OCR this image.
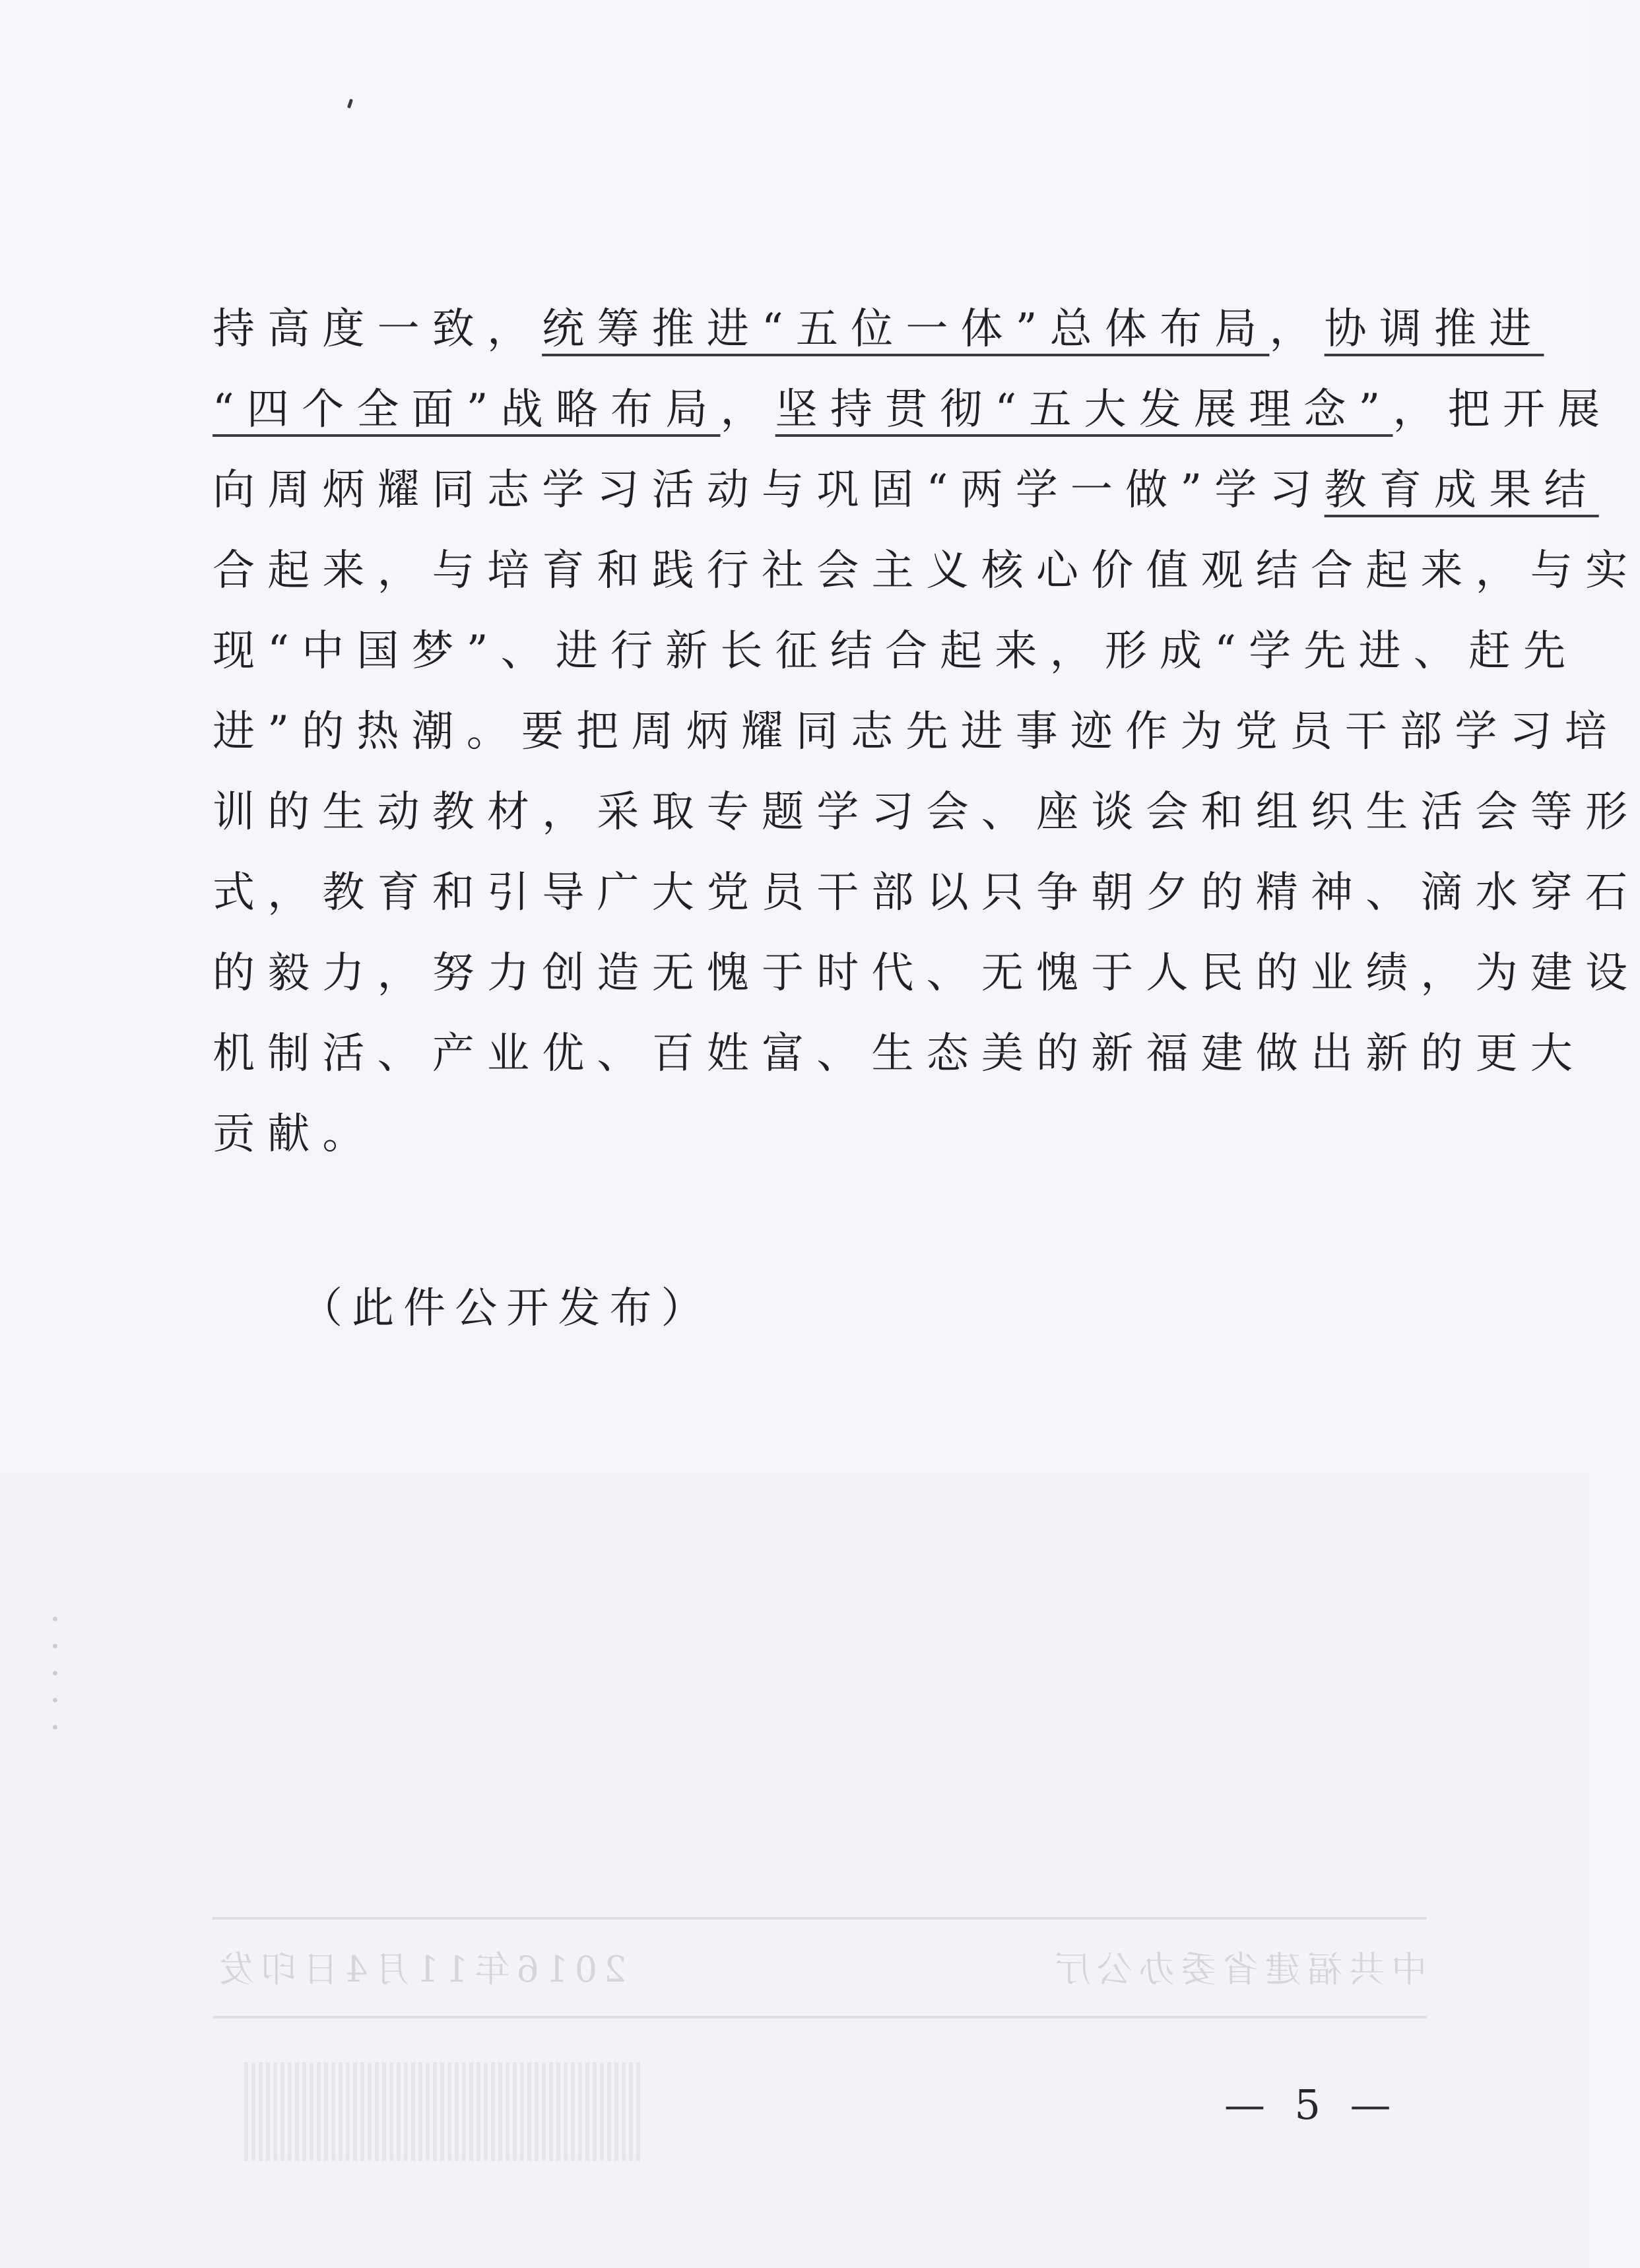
持高度一致，统筹推进“五位一体”总体布局，协调推进
“四个全面”战略布局，坚持贯彻“五大发展理念”，把开展
向周炳耀同志学习活动与巩固“两学一做”学习教育成果结
合起来，与培育和践行社会主义核心价值观结合起来，与实
现“中国梦”、进行新长征结合起来，形成“学先进、赶先
进”的热潮。要把周炳耀同志先进事迹作为党员干部学习培
训的生动教材，采取专题学习会、座谈会和组织生活会等形
式，教育和引导广大党员干部以只争朝夕的精神、滴水穿石
的毅力，努力创造无愧于时代、无愧于人民的业绩，为建设
机制活、产业优、百姓富、生态美的新福建做出新的更大
贡献。
（此件公开发布）
中共福建省委办公厅
2016年11月4日印发
— 5 —
